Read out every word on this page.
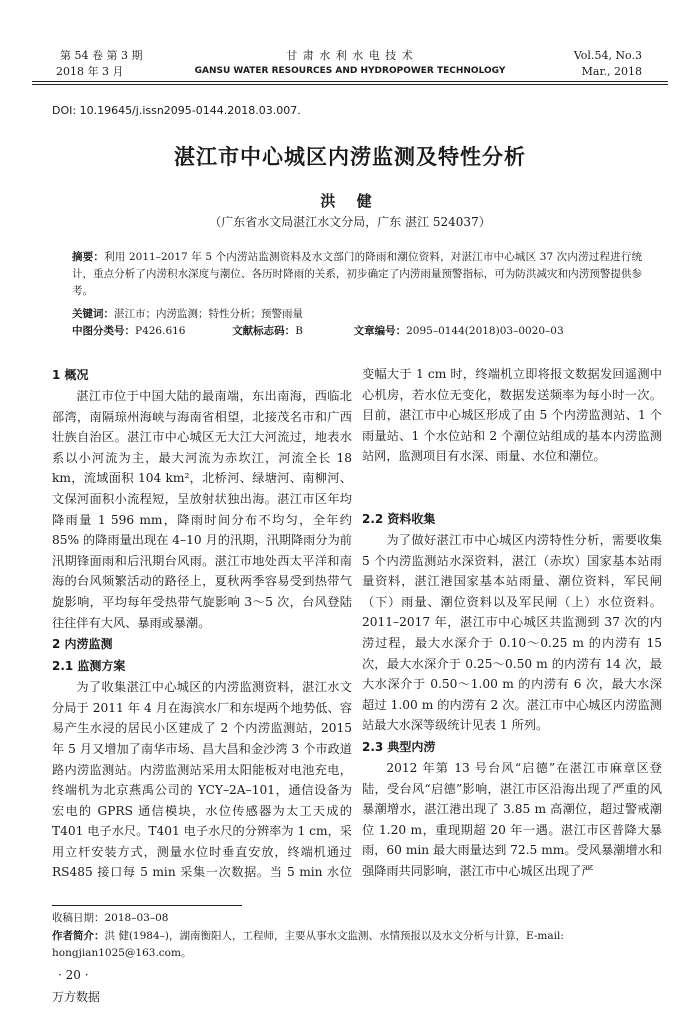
第 54 卷 第 3 期
2018 年 3 月
甘 肃 水 利 水 电 技 术
GANSU WATER RESOURCES AND HYDROPOWER TECHNOLOGY
Vol.54, No.3
Mar., 2018
DOI: 10.19645/j.issn2095-0144.2018.03.007.
湛江市中心城区内涝监测及特性分析
洪 健
（广东省水文局湛江水文分局，广东 湛江 524037）
摘要：利用 2011–2017 年 5 个内涝站监测资料及水文部门的降雨和潮位资料，对湛江市中心城区 37 次内涝过程进行统计，重点分析了内涝积水深度与潮位、各历时降雨的关系，初步确定了内涝雨量预警指标，可为防洪减灾和内涝预警提供参考。
关键词：湛江市；内涝监测；特性分析；预警雨量
中图分类号：P426.616	文献标志码：B	文章编号：2095–0144(2018)03–0020–03
1 概况

湛江市位于中国大陆的最南端，东出南海，西临北部湾，南隔琼州海峡与海南省相望，北接茂名市和广西壮族自治区。湛江市中心城区无大江大河流过，地表水系以小河流为主，最大河流为赤坎江，河流全长 18 km，流域面积 104 km²，北桥河、绿塘河、南柳河、文保河面积小流程短，呈放射状独出海。湛江市区年均降雨量 1 596 mm，降雨时间分布不均匀，全年约 85% 的降雨量出现在 4–10 月的汛期，汛期降雨分为前汛期锋面雨和后汛期台风雨。湛江市地处西太平洋和南海的台风频繁活动的路径上，夏秋两季容易受到热带气旋影响，平均每年受热带气旋影响 3～5 次，台风登陆往往伴有大风、暴雨或暴潮。

2 内涝监测
2.1 监测方案

为了收集湛江中心城区的内涝监测资料，湛江水文分局于 2011 年 4 月在海滨水厂和东堤两个地势低、容易产生水浸的居民小区建成了 2 个内涝监测站，2015 年 5 月又增加了南华市场、昌大昌和金沙湾 3 个市政道路内涝监测站。内涝监测站采用太阳能板对电池充电，终端机为北京燕禹公司的 YCY–2A–101，通信设备为宏电的 GPRS 通信模块，水位传感器为太工天成的 T401 电子水尺。T401 电子水尺的分辨率为 1 cm，采用立杆安装方式，测量水位时垂直安放，终端机通过 RS485 接口每 5 min 采集一次数据。当 5 min 水位

变幅大于 1 cm 时，终端机立即将报文数据发回遥测中心机房，若水位无变化，数据发送频率为每小时一次。目前，湛江市中心城区形成了由 5 个内涝监测站、1 个雨量站、1 个水位站和 2 个潮位站组成的基本内涝监测站网，监测项目有水深、雨量、水位和潮位。
2.2 资料收集

为了做好湛江市中心城区内涝特性分析，需要收集 5 个内涝监测站水深资料，湛江（赤坎）国家基本站雨量资料，湛江港国家基本站雨量、潮位资料，军民闸（下）雨量、潮位资料以及军民闸（上）水位资料。2011–2017 年，湛江市中心城区共监测到 37 次的内涝过程，最大水深介于 0.10～0.25 m 的内涝有 15 次，最大水深介于 0.25～0.50 m 的内涝有 14 次，最大水深介于 0.50～1.00 m 的内涝有 6 次，最大水深超过 1.00 m 的内涝有 2 次。湛江市中心城区内涝监测站最大水深等级统计见表 1 所列。

2.3 典型内涝

2012 年第 13 号台风“启德”在湛江市麻章区登陆，受台风“启德”影响，湛江市区沿海出现了严重的风暴潮增水，湛江港出现了 3.85 m 高潮位，超过警戒潮位 1.20 m，重现期超 20 年一遇。湛江市区普降大暴雨，60 min 最大雨量达到 72.5 mm。受风暴潮增水和强降雨共同影响，湛江市中心城区出现了严

收稿日期：2018–03–08
作者简介：洪 健(1984–)，湖南衡阳人，工程师，主要从事水文监测、水情预报以及水文分析与计算，E-mail: hongjian1025@163.com。
· 20 ·
万方数据
